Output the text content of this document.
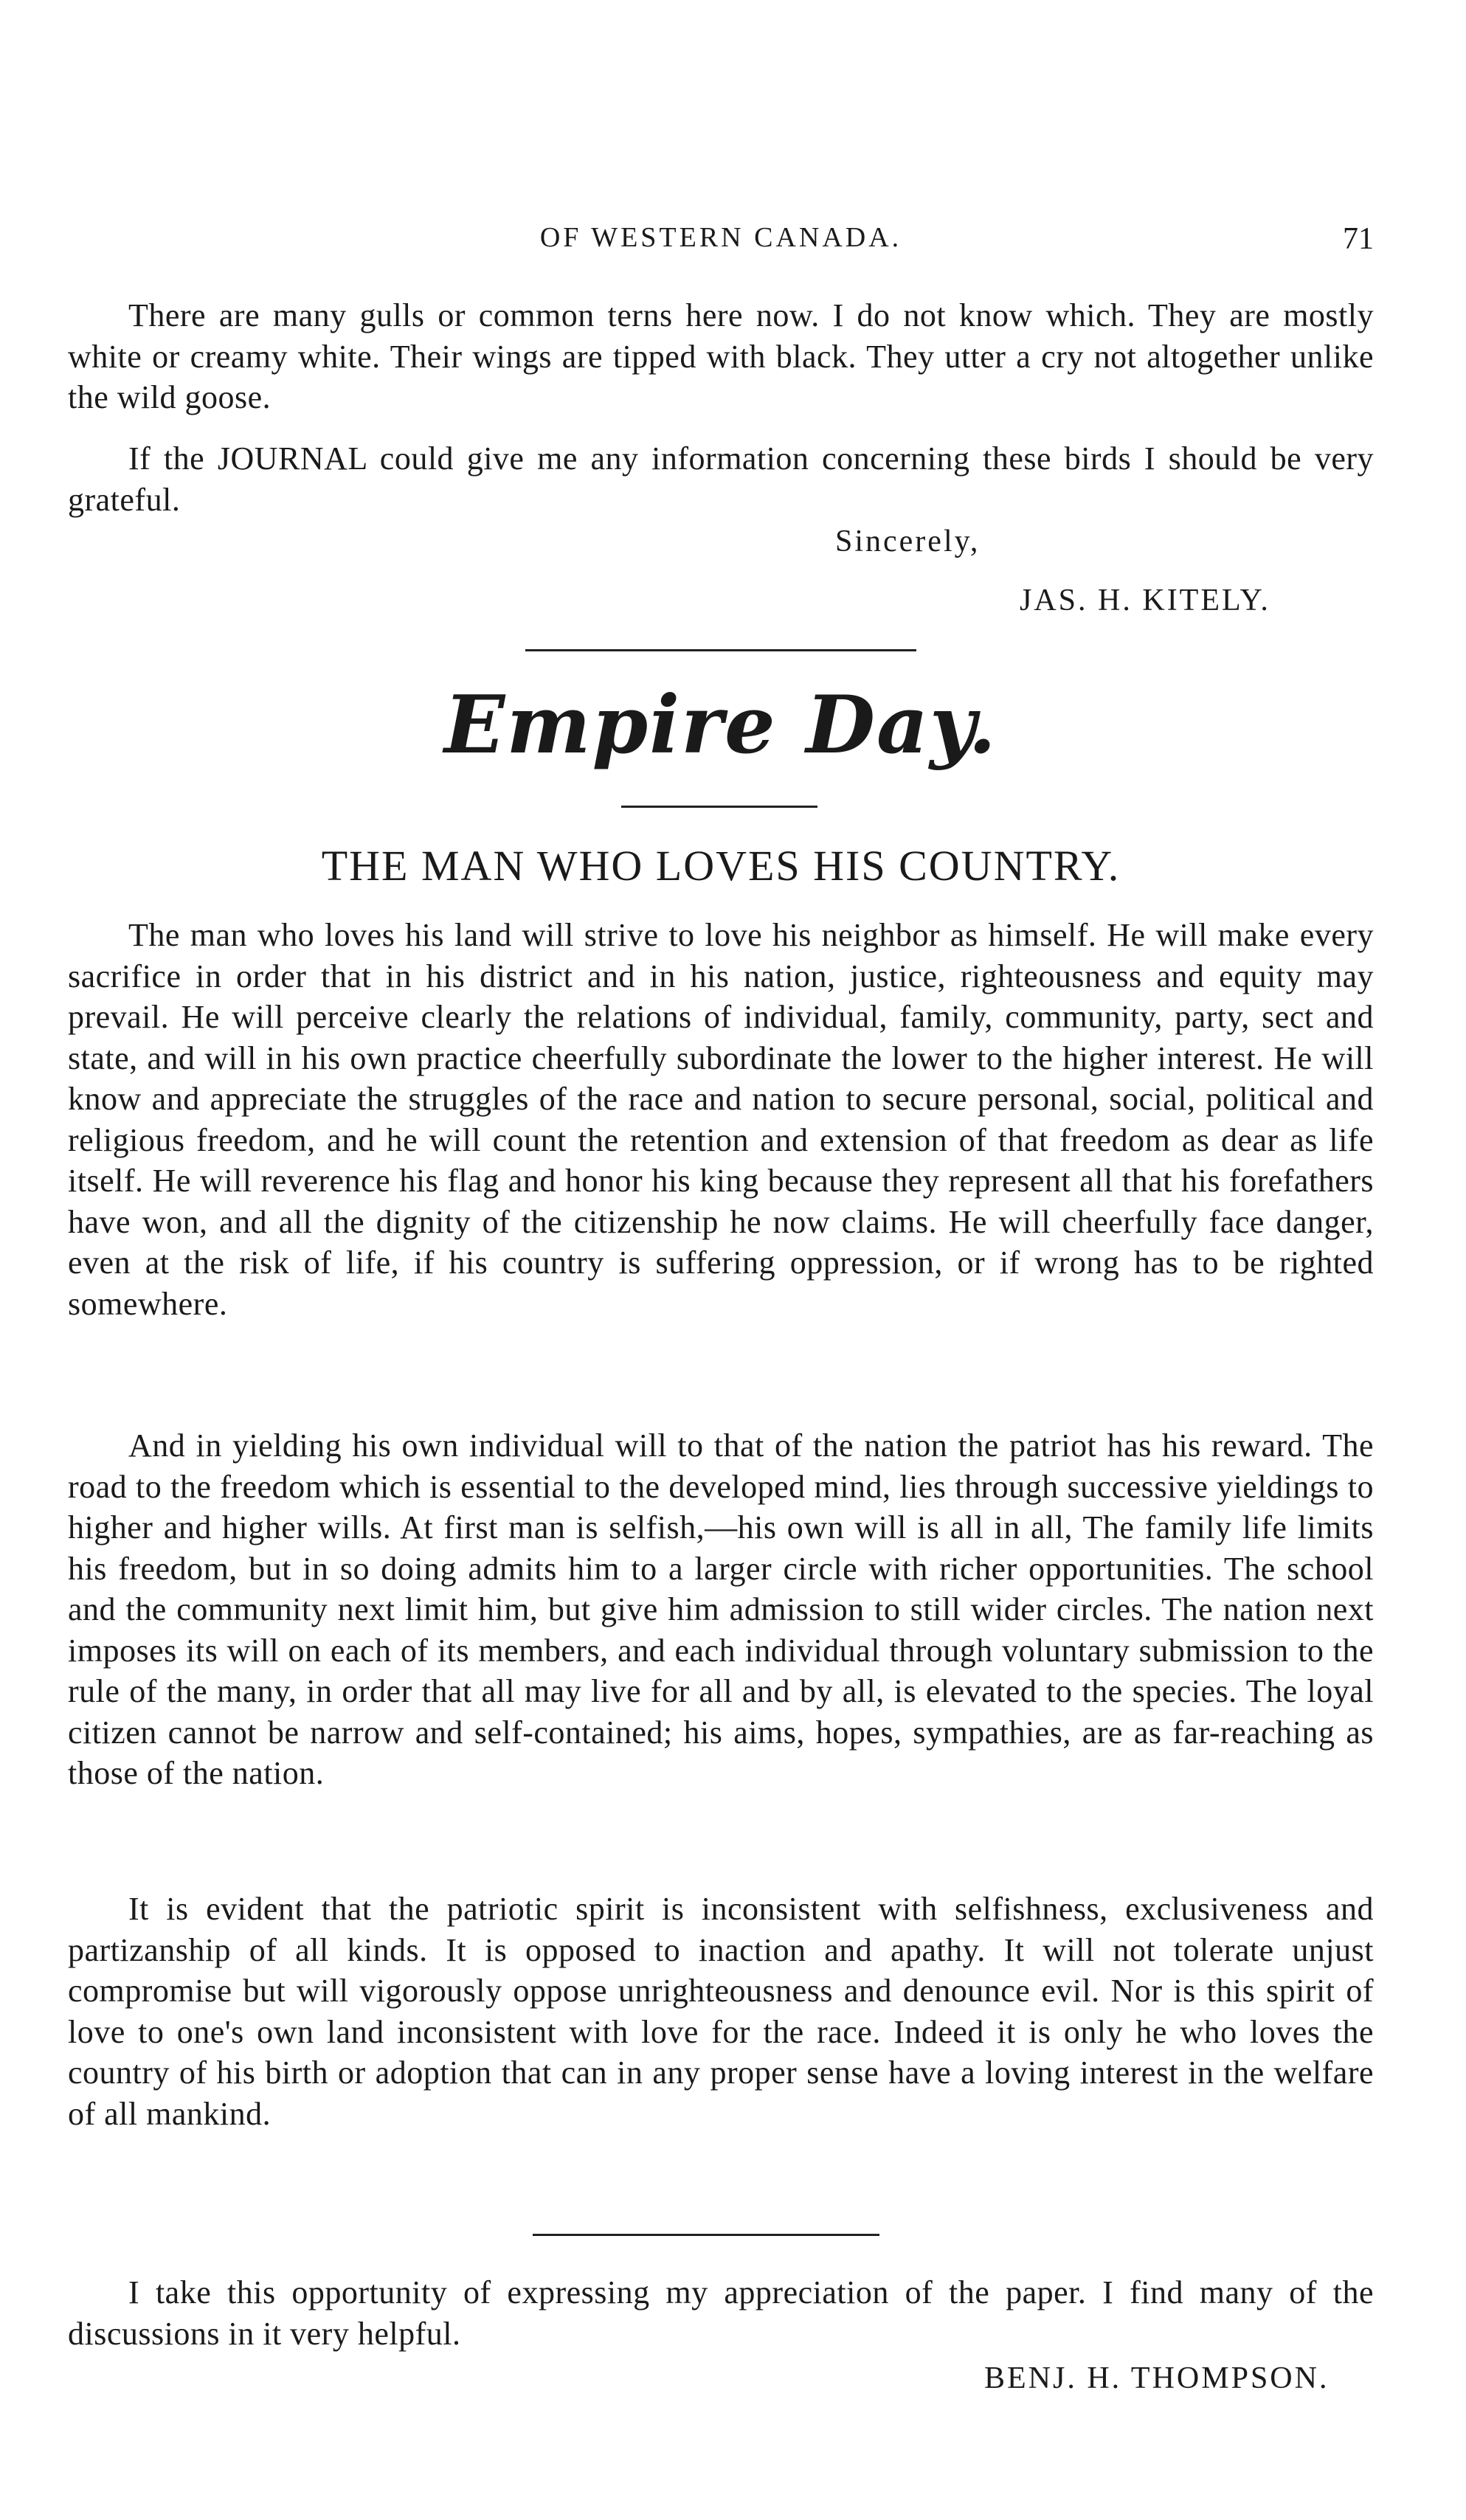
OF WESTERN CANADA.	71

There are many gulls or common terns here now. I do not know which. They are mostly white or creamy white. Their wings are tipped with black. They utter a cry not altogether unlike the wild goose.

If the JOURNAL could give me any information concerning these birds I should be very grateful.

Sincerely,

JAS. H. KITELY.

Empire Day.
THE MAN WHO LOVES HIS COUNTRY.

The man who loves his land will strive to love his neighbor as himself. He will make every sacrifice in order that in his district and in his nation, justice, righteousness and equity may prevail. He will perceive clearly the relations of individual, family, community, party, sect and state, and will in his own practice cheerfully subordinate the lower to the higher interest. He will know and appreciate the struggles of the race and nation to secure personal, social, political and religious freedom, and he will count the retention and extension of that freedom as dear as life itself. He will reverence his flag and honor his king because they represent all that his forefathers have won, and all the dignity of the citizenship he now claims. He will cheerfully face danger, even at the risk of life, if his country is suffering oppression, or if wrong has to be righted somewhere.

And in yielding his own individual will to that of the nation the patriot has his reward. The road to the freedom which is essential to the developed mind, lies through successive yieldings to higher and higher wills. At first man is selfish,—his own will is all in all, The family life limits his freedom, but in so doing admits him to a larger circle with richer opportunities. The school and the community next limit him, but give him admission to still wider circles. The nation next imposes its will on each of its members, and each individual through voluntary submission to the rule of the many, in order that all may live for all and by all, is elevated to the species. The loyal citizen cannot be narrow and self-contained; his aims, hopes, sympathies, are as far-reaching as those of the nation.

It is evident that the patriotic spirit is inconsistent with selfishness, exclusiveness and partizanship of all kinds. It is opposed to inaction and apathy. It will not tolerate unjust compromise but will vigorously oppose unrighteousness and denounce evil. Nor is this spirit of love to one's own land inconsistent with love for the race. Indeed it is only he who loves the country of his birth or adoption that can in any proper sense have a loving interest in the welfare of all mankind.

I take this opportunity of expressing my appreciation of the paper. I find many of the discussions in it very helpful.

BENJ. H. THOMPSON.
